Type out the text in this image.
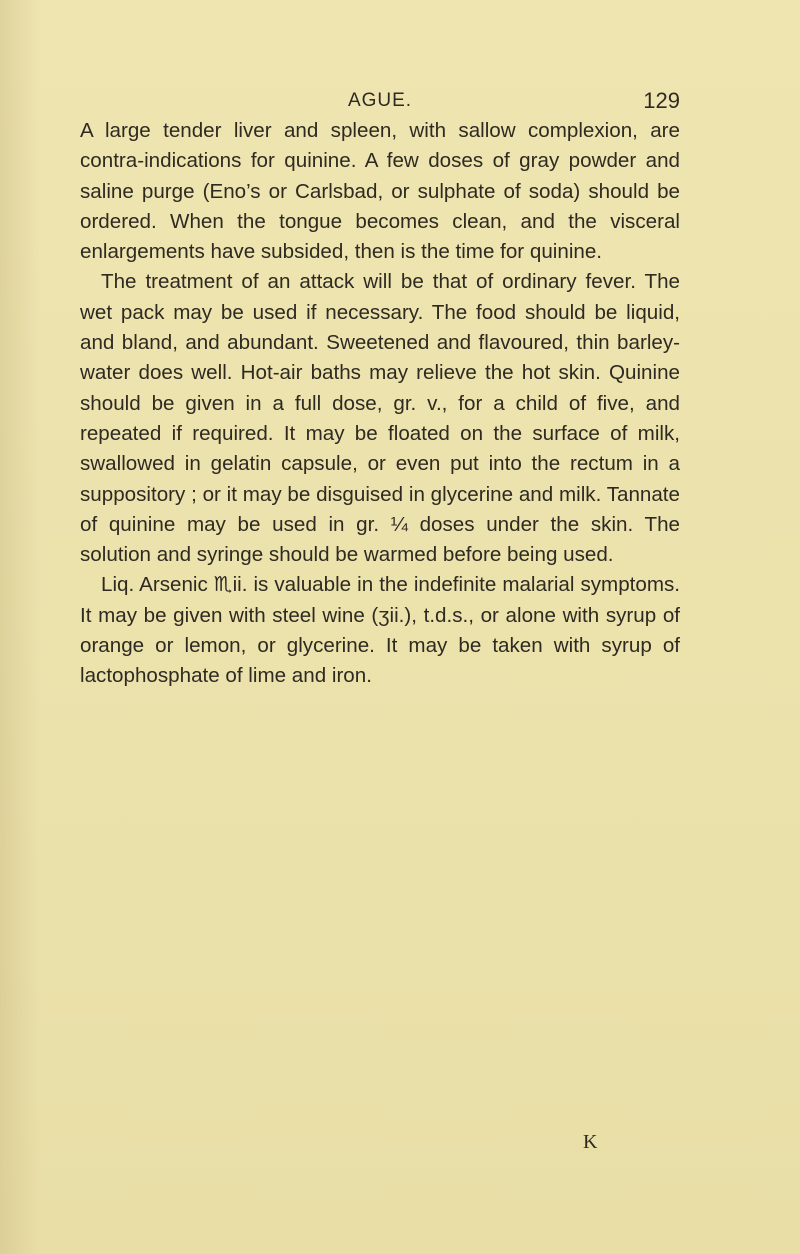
AGUE.	129

A large tender liver and spleen, with sallow complexion, are contra-indications for quinine. A few doses of gray powder and saline purge (Eno’s or Carlsbad, or sulphate of soda) should be ordered. When the tongue becomes clean, and the visceral enlargements have subsided, then is the time for quinine.

The treatment of an attack will be that of ordinary fever. The wet pack may be used if necessary. The food should be liquid, and bland, and abundant. Sweetened and flavoured, thin barley-water does well. Hot-air baths may relieve the hot skin. Quinine should be given in a full dose, gr. v., for a child of five, and repeated if required. It may be floated on the surface of milk, swallowed in gelatin capsule, or even put into the rectum in a suppository ; or it may be disguised in glycerine and milk. Tannate of quinine may be used in gr. ¼ doses under the skin. The solution and syringe should be warmed before being used.

Liq. Arsenic ♏ii. is valuable in the indefinite malarial symptoms. It may be given with steel wine (ʒii.), t.d.s., or alone with syrup of orange or lemon, or glycerine. It may be taken with syrup of lactophosphate of lime and iron.

K
